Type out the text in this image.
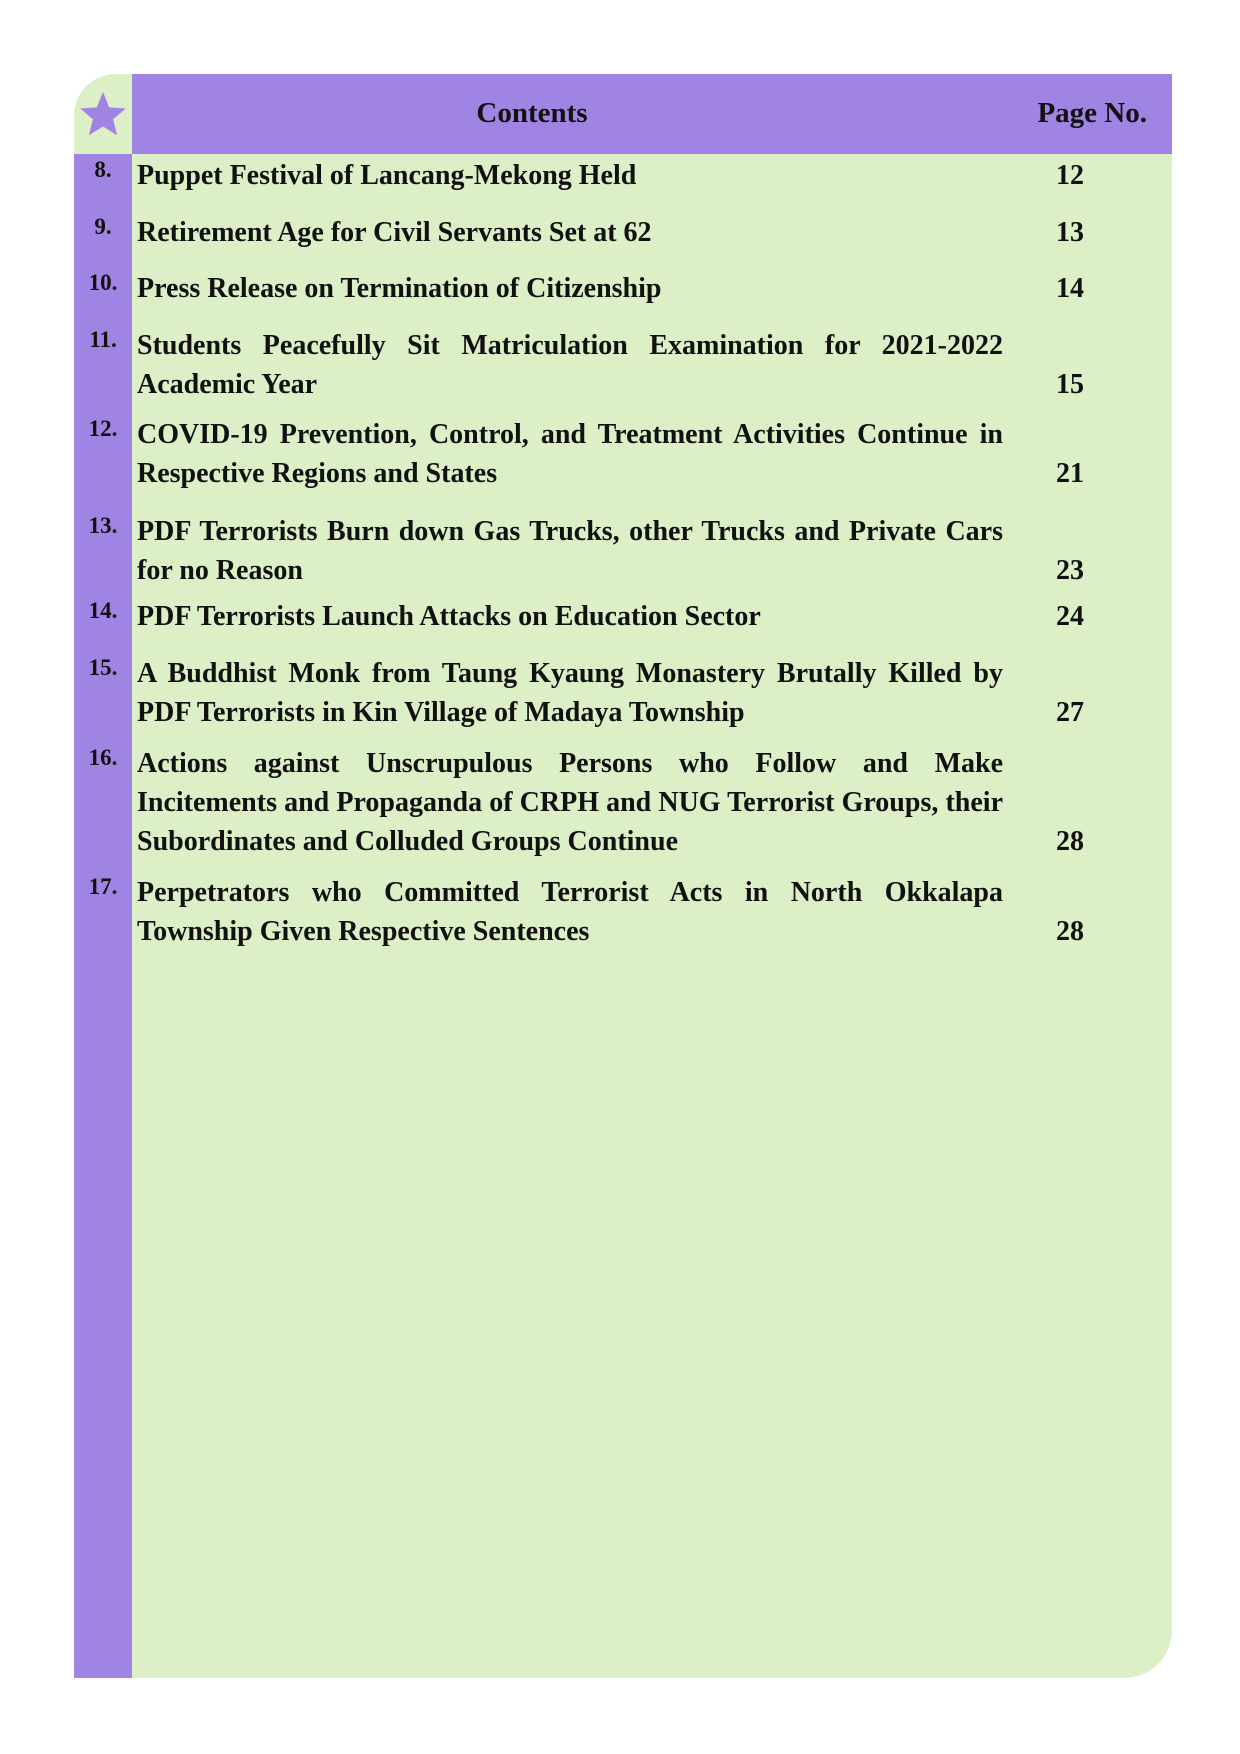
Contents	Page No.
8. Puppet Festival of Lancang-Mekong Held	12
9. Retirement Age for Civil Servants Set at 62	13
10. Press Release on Termination of Citizenship	14
11. Students Peacefully Sit Matriculation Examination for 2021-2022 Academic Year	15
12. COVID-19 Prevention, Control, and Treatment Activities Continue in Respective Regions and States	21
13. PDF Terrorists Burn down Gas Trucks, other Trucks and Private Cars for no Reason	23
14. PDF Terrorists Launch Attacks on Education Sector	24
15. A Buddhist Monk from Taung Kyaung Monastery Brutally Killed by PDF Terrorists in Kin Village of Madaya Township	27
16. Actions against Unscrupulous Persons who Follow and Make Incitements and Propaganda of CRPH and NUG Terrorist Groups, their Subordinates and Colluded Groups Continue	28
17. Perpetrators who Committed Terrorist Acts in North Okkalapa Township Given Respective Sentences	28
